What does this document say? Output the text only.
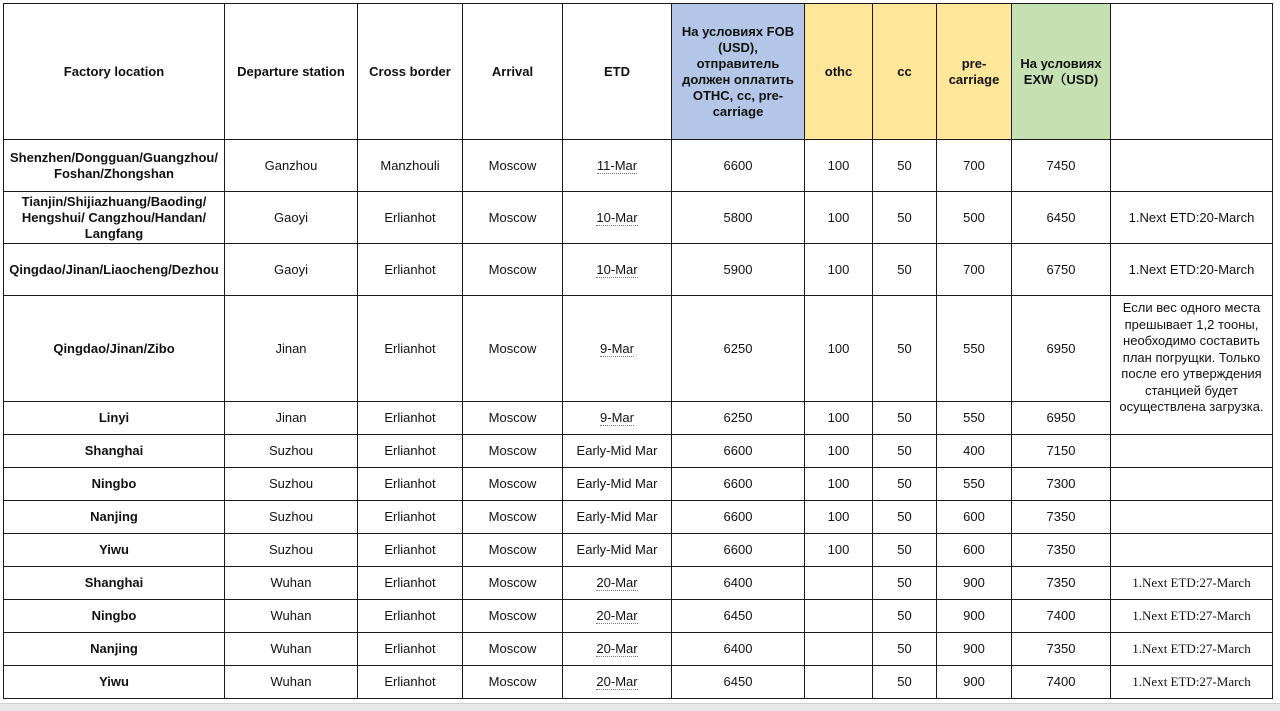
Factory location	Departure station	Cross border	Arrival	ETD	На условиях FOB (USD), отправитель должен оплатить OTHC, cc, pre-carriage	othc	cc	pre-carriage	На условиях EXW（USD)	
Shenzhen/Dongguan/Guangzhou/ Foshan/Zhongshan	Ganzhou	Manzhouli	Moscow	11-Mar	6600	100	50	700	7450	
Tianjin/Shijiazhuang/Baoding/ Hengshui/ Cangzhou/Handan/ Langfang	Gaoyi	Erlianhot	Moscow	10-Mar	5800	100	50	500	6450	1.Next ETD:20-March
Qingdao/Jinan/Liaocheng/Dezhou	Gaoyi	Erlianhot	Moscow	10-Mar	5900	100	50	700	6750	1.Next ETD:20-March
Qingdao/Jinan/Zibo	Jinan	Erlianhot	Moscow	9-Mar	6250	100	50	550	6950	Если вес одного места прешывает 1,2 тооны, необходимо составить план погрущки. Только после его утверждения станцией будет осуществлена загрузка.
Linyi	Jinan	Erlianhot	Moscow	9-Mar	6250	100	50	550	6950	
Shanghai	Suzhou	Erlianhot	Moscow	Early-Mid Mar	6600	100	50	400	7150	
Ningbo	Suzhou	Erlianhot	Moscow	Early-Mid Mar	6600	100	50	550	7300	
Nanjing	Suzhou	Erlianhot	Moscow	Early-Mid Mar	6600	100	50	600	7350	
Yiwu	Suzhou	Erlianhot	Moscow	Early-Mid Mar	6600	100	50	600	7350	
Shanghai	Wuhan	Erlianhot	Moscow	20-Mar	6400		50	900	7350	1.Next ETD:27-March
Ningbo	Wuhan	Erlianhot	Moscow	20-Mar	6450		50	900	7400	1.Next ETD:27-March
Nanjing	Wuhan	Erlianhot	Moscow	20-Mar	6400		50	900	7350	1.Next ETD:27-March
Yiwu	Wuhan	Erlianhot	Moscow	20-Mar	6450		50	900	7400	1.Next ETD:27-March
